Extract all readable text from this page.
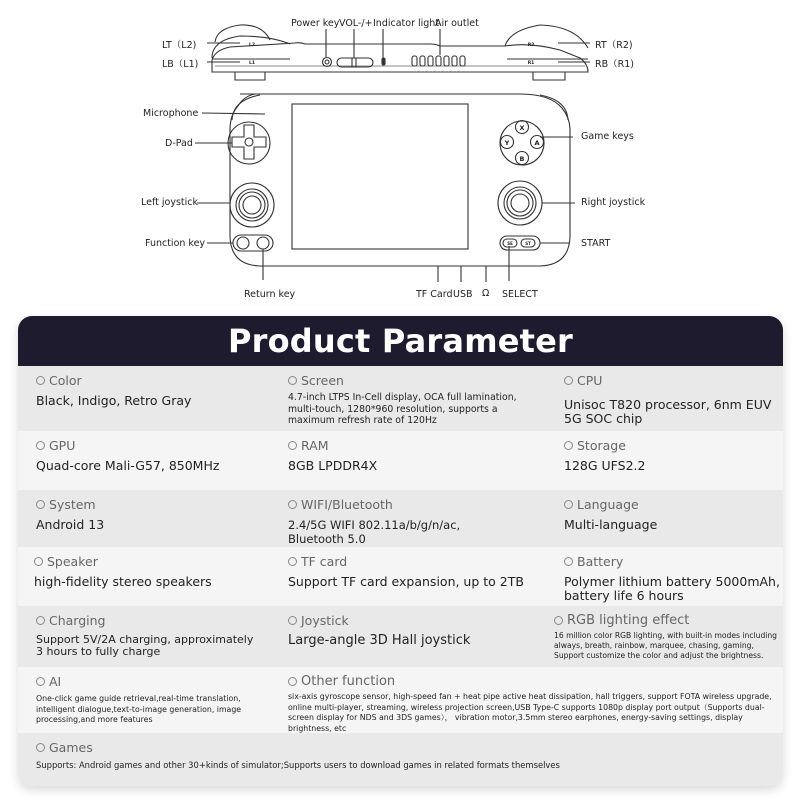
X
Y	A
B
SE	ST
L2
L1
R2
R1
Power key VOL-/+ Indicator light
Air outlet
LT（L2)
LB（L1)
RT（R2)
RB（R1)
Microphone
D-Pad
Left joystick
Function key
Return key
Game keys
Right joystick
START
TF Card USB Ω SELECT
Product Parameter
Color
Black, Indigo, Retro Gray
Screen
4.7-inch LTPS In-Cell display, OCA full lamination, multi-touch, 1280*960 resolution, supports a maximum refresh rate of 120Hz
CPU
Unisoc T820 processor, 6nm EUV 5G SOC chip
GPU
Quad-core Mali-G57, 850MHz
RAM
8GB LPDDR4X
Storage
128G UFS2.2
System
Android 13
WIFI/Bluetooth
2.4/5G WIFI 802.11a/b/g/n/ac, Bluetooth 5.0
Language
Multi-language
Speaker
high-fidelity stereo speakers
TF card
Support TF card expansion, up to 2TB
Battery
Polymer lithium battery 5000mAh, battery life 6 hours
Charging
Support 5V/2A charging, approximately 3 hours to fully charge
Joystick
Large-angle 3D Hall joystick
RGB lighting effect
16 million color RGB lighting, with built-in modes including always, breath, rainbow, marquee, chasing, gaming, Support customize the color and adjust the brightness.
AI
One-click game guide retrieval,real-time translation, intelligent dialogue,text-to-image generation, image processing,and more features
Other function
six-axis gyroscope sensor, high-speed fan + heat pipe active heat dissipation, hall triggers, support FOTA wireless upgrade, online multi-player, streaming, wireless projection screen,USB Type-C supports 1080p display port output（Supports dual-screen display for NDS and 3DS games）， vibration motor,3.5mm stereo earphones, energy-saving settings, display brightness, etc
Games
Supports: Android games and other 30+kinds of simulator;Supports users to download games in related formats themselves
